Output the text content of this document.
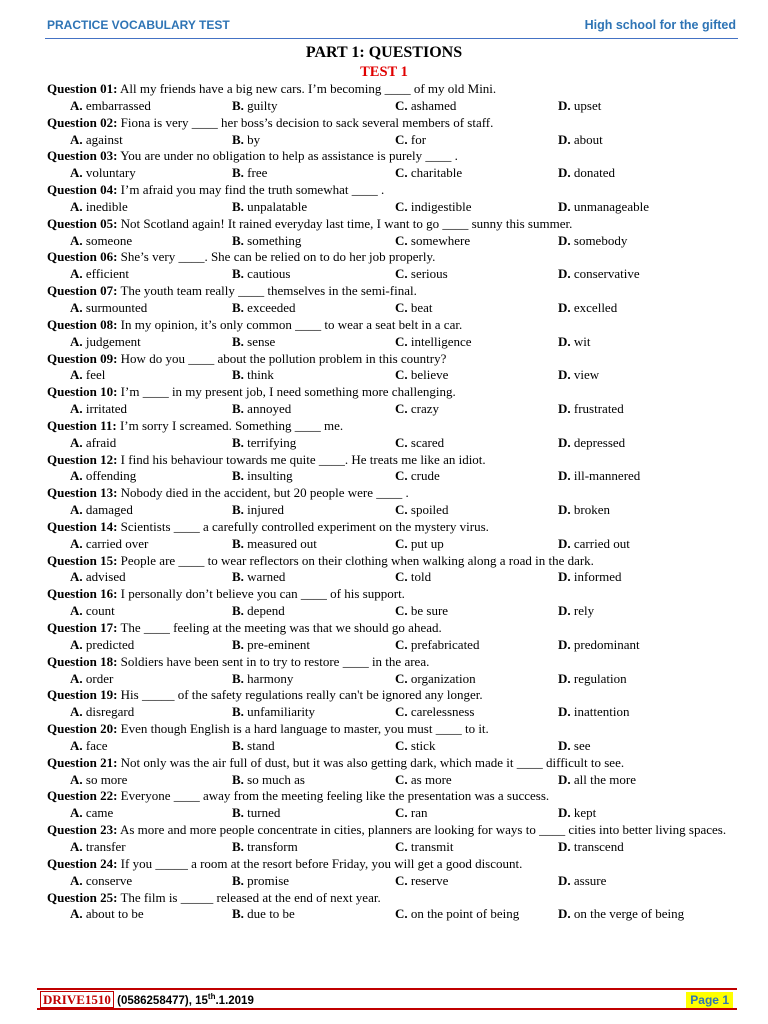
PRACTICE VOCABULARY TEST	High school for the gifted
PART 1: QUESTIONS
TEST 1
Question 01: All my friends have a big new cars. I’m becoming ____ of my old Mini.
A. embarrassed	B. guilty	C. ashamed	D. upset
Question 02: Fiona is very ____ her boss’s decision to sack several members of staff.
A. against	B. by	C. for	D. about
Question 03: You are under no obligation to help as assistance is purely ____ .
A. voluntary	B. free	C. charitable	D. donated
Question 04: I’m afraid you may find the truth somewhat ____ .
A. inedible	B. unpalatable	C. indigestible	D. unmanageable
Question 05: Not Scotland again! It rained everyday last time, I want to go ____ sunny this summer.
A. someone	B. something	C. somewhere	D. somebody
Question 06: She’s very ____. She can be relied on to do her job properly.
A. efficient	B. cautious	C. serious	D. conservative
Question 07: The youth team really ____ themselves in the semi-final.
A. surmounted	B. exceeded	C. beat	D. excelled
Question 08: In my opinion, it’s only common ____ to wear a seat belt in a car.
A. judgement	B. sense	C. intelligence	D. wit
Question 09: How do you ____ about the pollution problem in this country?
A. feel	B. think	C. believe	D. view
Question 10: I’m ____ in my present job, I need something more challenging.
A. irritated	B. annoyed	C. crazy	D. frustrated
Question 11: I’m sorry I screamed. Something ____ me.
A. afraid	B. terrifying	C. scared	D. depressed
Question 12: I find his behaviour towards me quite ____. He treats me like an idiot.
A. offending	B. insulting	C. crude	D. ill-mannered
Question 13: Nobody died in the accident, but 20 people were ____ .
A. damaged	B. injured	C. spoiled	D. broken
Question 14: Scientists ____ a carefully controlled experiment on the mystery virus.
A. carried over	B. measured out	C. put up	D. carried out
Question 15: People are ____ to wear reflectors on their clothing when walking along a road in the dark.
A. advised	B. warned	C. told	D. informed
Question 16: I personally don’t believe you can ____ of his support.
A. count	B. depend	C. be sure	D. rely
Question 17: The ____ feeling at the meeting was that we should go ahead.
A. predicted	B. pre-eminent	C. prefabricated	D. predominant
Question 18: Soldiers have been sent in to try to restore ____ in the area.
A. order	B. harmony	C. organization	D. regulation
Question 19: His _____ of the safety regulations really can't be ignored any longer.
A. disregard	B. unfamiliarity	C. carelessness	D. inattention
Question 20: Even though English is a hard language to master, you must ____ to it.
A. face	B. stand	C. stick	D. see
Question 21: Not only was the air full of dust, but it was also getting dark, which made it ____ difficult to see.
A. so more	B. so much as	C. as more	D. all the more
Question 22: Everyone ____ away from the meeting feeling like the presentation was a success.
A. came	B. turned	C. ran	D. kept
Question 23: As more and more people concentrate in cities, planners are looking for ways to ____ cities into better living spaces.
A. transfer	B. transform	C. transmit	D. transcend
Question 24: If you _____ a room at the resort before Friday, you will get a good discount.
A. conserve	B. promise	C. reserve	D. assure
Question 25: The film is _____ released at the end of next year.
A. about to be	B. due to be	C. on the point of being	D. on the verge of being
DRIVE1510 (0586258477), 15th.1.2019	Page 1
